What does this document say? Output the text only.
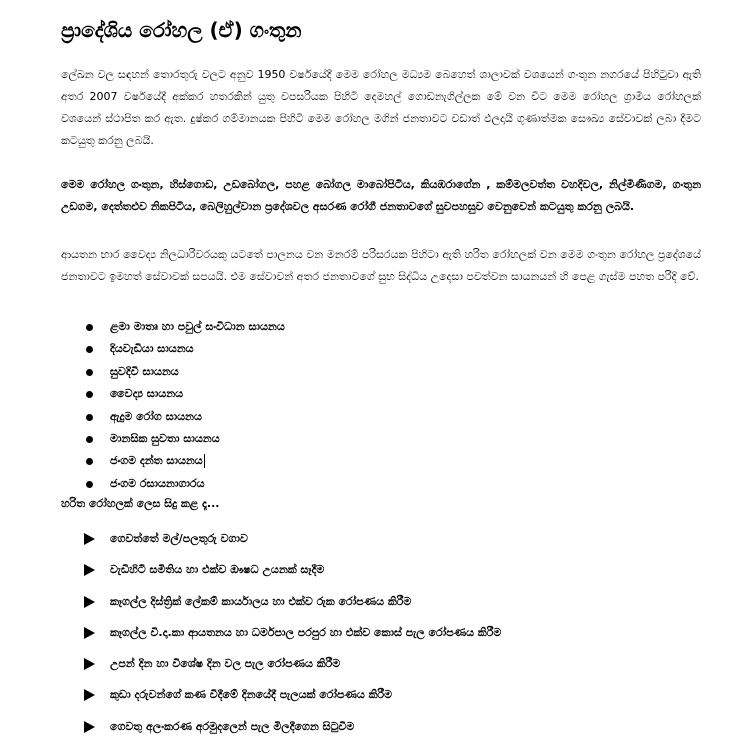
ප්‍රාදේශිය රෝහල (ඒ) ගංතුන

ලේඛන වල සඳහන් තොරතුරු වලට අනුව 1950 වර්ෂයේදී මෙම රෝහල මධ්‍යම බෙහෙත් ශාලාවක් වශයෙන් ගංතුන නගරයේ පිහිටුවා ඇති අතර 2007 වර්ෂයේදී අක්කර හතරකින් යුතු වපසරියක පිහිටි දෙමහල් ගොඩනැගිල්ලක මේ වන විට මෙම රෝහල ග්‍රාමීය රෝහලක් වශයෙන් ස්ථාපිත කර ඇත. දුෂ්කර ගම්මානයක පිහිටි මෙම රෝහල මගින් ජනතාවට වඩාත් ඵලදායි ගුණාත්මක සෞඛ්‍ය සේවාවක් ලබා දීමට කටයුතු කරනු ලබයි.

මෙම රෝහල ගංතුන, හිස්ගොඩ, උඩබෝගල, පහළ බෝගල මාබෝපිටිය, කියඹරාගේන , කම්මලවත්ත වහදිවල, නිල්මිණිගම, ගංතුන උඩගම, දෙත්තළුව නිකපිටිය, බෙලිහුල්වාන ප්‍රදේශවල අසරණ රෝගී ජනතාවගේ සුවපහසුව වෙනුවෙන් කටයුතු කරනු ලබයි.

ආයතන භාර වෛද්‍ය නිලධාරිවරයකු යටතේ පාලනය වන මනරම් පරිසරයක පිහිටා ඇති හරිත රෝහලක් වන මෙම ගංතුන රෝහල ප්‍රදේශයේ ජනතාවට ඉමහත් සේවාවක් සපයයි. එම සේවාවන් අතර ජනතාවගේ සුභ සිද්ධිය උදෙසා පවත්වන සායනයන් හි පෙළ ගැස්ම පහත පරිදි වේ.

ළමා මාතෘ හා පවුල් සංවිධාන සායනය
දියවැඩියා සායනය
සුවදිවි සායනය
වෛද්‍ය සායනය
ඇදුම රෝග සායනය
මානසික සුවතා සායනය
ජංගම දන්ත සායනය
ජංගම රසායනාගාරය
හරිත රෝහලක් ලෙස සිදු කළ දෑ...
ගෙවත්තේ මල්/පලතුරු වගාව
වැඩිහිටි සමිතිය හා එක්ව ඖෂධ උයනක් සෑදීම
කෑගල්ල දිස්ත්‍රික් ලේකම් කාර්යාලය හා එක්ව රුක රෝපණය කිරීම
කෑගල්ල වි.දා.කා ආයතනය හා ධර්මපාල පරපුර හා එක්ව කොස් පැල රෝපණය කිරීම
උපන් දින හා විශේෂ දින වල පැල රෝපණය කිරීම
කුඩා දරුවන්ගේ කණ විදීමේ දිනයේදී පැලයක් රෝපණය කිරීම
ගෙවතු අලංකරණ අරමුදලෙන් පැල මිලදීගෙන සිටුවීම
